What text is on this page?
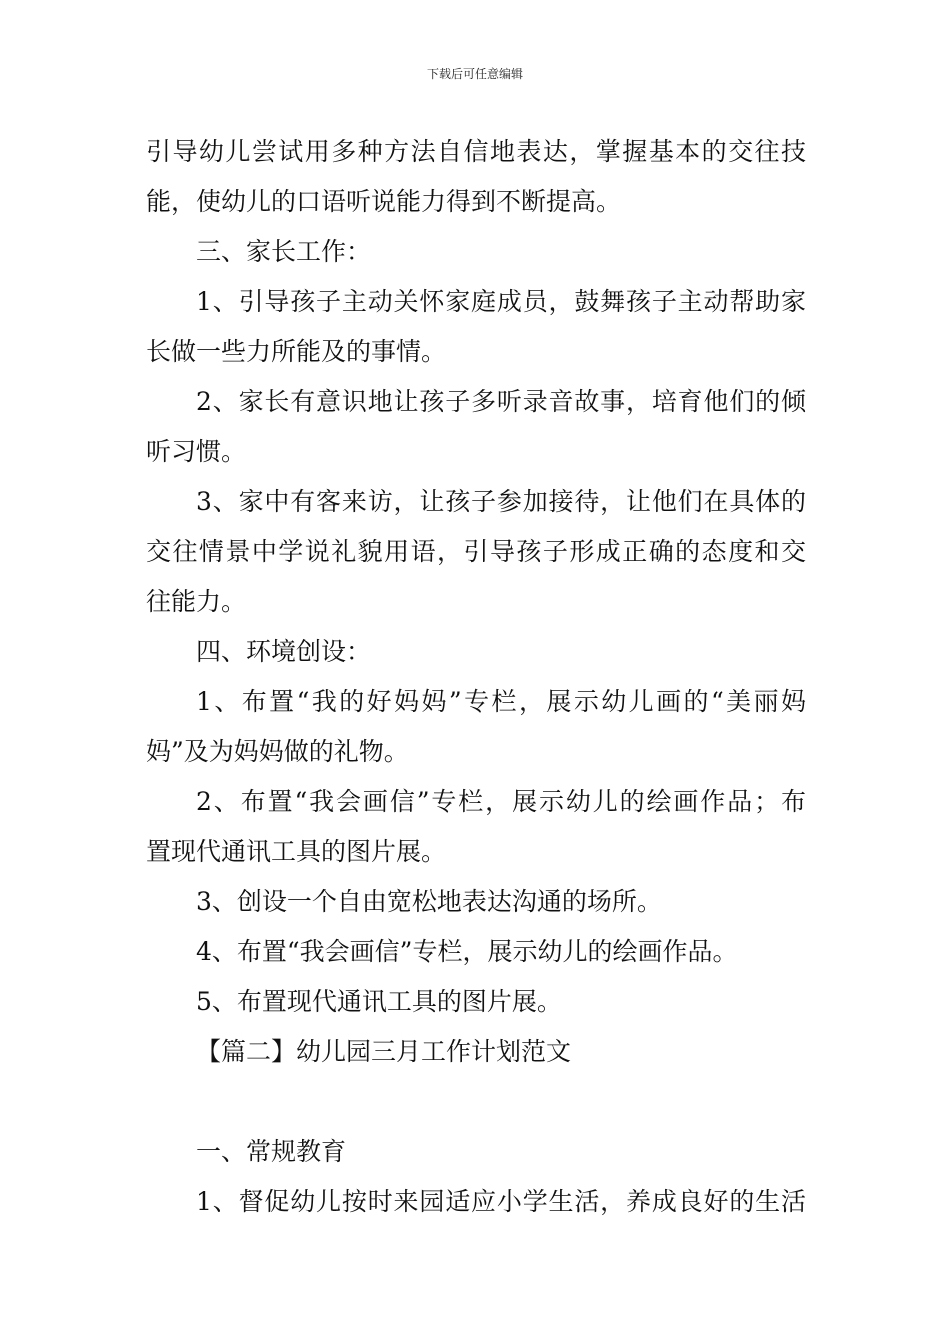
下载后可任意编辑
引导幼儿尝试用多种方法自信地表达，掌握基本的交往技
能，使幼儿的口语听说能力得到不断提高。
三、家长工作：
1、引导孩子主动关怀家庭成员，鼓舞孩子主动帮助家
长做一些力所能及的事情。
2、家长有意识地让孩子多听录音故事，培育他们的倾
听习惯。
3、家中有客来访，让孩子参加接待，让他们在具体的
交往情景中学说礼貌用语，引导孩子形成正确的态度和交
往能力。
四、环境创设：
1、布置“我的好妈妈”专栏，展示幼儿画的“美丽妈
妈”及为妈妈做的礼物。
2、布置“我会画信”专栏，展示幼儿的绘画作品；布
置现代通讯工具的图片展。
3、创设一个自由宽松地表达沟通的场所。
4、布置“我会画信”专栏，展示幼儿的绘画作品。
5、布置现代通讯工具的图片展。
【篇二】幼儿园三月工作计划范文
一、常规教育
1、督促幼儿按时来园适应小学生活，养成良好的生活
